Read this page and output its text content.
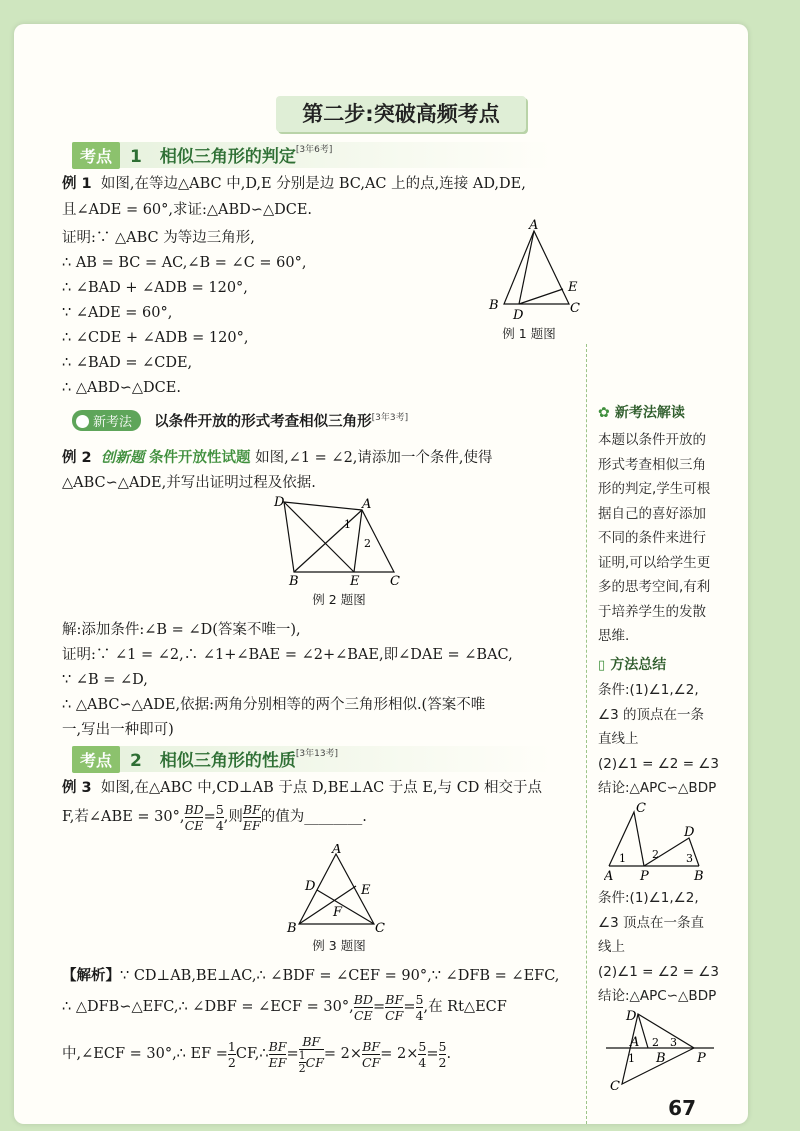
第二步:突破高频考点
考点 1 相似三角形的判定[3年6考]
例 1 如图,在等边△ABC 中,D,E 分别是边 BC,AC 上的点,连接 AD,DE,
且∠ADE = 60°,求证:△ABD∽△DCE.
证明:∵ △ABC 为等边三角形,
∴ AB = BC = AC,∠B = ∠C = 60°,
∴ ∠BAD + ∠ADB = 120°,
∵ ∠ADE = 60°,
∴ ∠CDE + ∠ADB = 120°,
∴ ∠BAD = ∠CDE,
∴ △ABD∽△DCE.
A
B	C
D
E
例 1 题图
新考法 以条件开放的形式考查相似三角形[3年3考]
例 2 创新题 条件开放性试题 如图,∠1 = ∠2,请添加一个条件,使得
△ABC∽△ADE,并写出证明过程及依据.
D	A
B	E C
1
2
例 2 题图
解:添加条件:∠B = ∠D(答案不唯一),
证明:∵ ∠1 = ∠2,∴ ∠1+∠BAE = ∠2+∠BAE,即∠DAE = ∠BAC,
∵ ∠B = ∠D,
∴ △ABC∽△ADE,依据:两角分别相等的两个三角形相似.(答案不唯
一,写出一种即可)
考点 2 相似三角形的性质[3年13考]
例 3 如图,在△ABC 中,CD⊥AB 于点 D,BE⊥AC 于点 E,与 CD 相交于点
F,若∠ABE = 30°, $\frac{BD}{CE} = \frac{5}{4}$ ,则 $\frac{BF}{EF}$ 的值为________.
A
D	E
F
B	C
例 3 题图
【解析】∵ CD⊥AB,BE⊥AC,∴ ∠BDF = ∠CEF = 90°,∵ ∠DFB = ∠EFC,
∴ △DFB∽△EFC,∴ ∠DBF = ∠ECF = 30°, $\frac{BD}{CE} = \frac{BF}{CF} = \frac{5}{4}$ ,在 Rt△ECF
中,∠ECF = 30°,∴ EF = $\frac{1}{2}$ CF,∴ $\frac{BF}{EF}$ = BF
1
2 CF = $2\times \frac{BF}{CF} = 2\times \frac{5}{4} = \frac{5}{2}$ .
✿ 新考法解读
本题以条件开放的
形式考查相似三角
形的判定,学生可根
据自己的喜好添加
不同的条件来进行
证明,可以给学生更
多的思考空间,有利
于培养学生的发散
思维.
▯ 方法总结
条件:(1)∠1,∠2,
∠3 的顶点在一条
直线上
(2)∠1 = ∠2 = ∠3
结论:△APC∽△BDP
C
D
A P	B
1 2 3
条件:(1)∠1,∠2,
∠3 顶点在一条直
线上
(2)∠1 = ∠2 = ∠3
结论:△APC∽△BDP
D
A
B P
C
1
2 3
67
